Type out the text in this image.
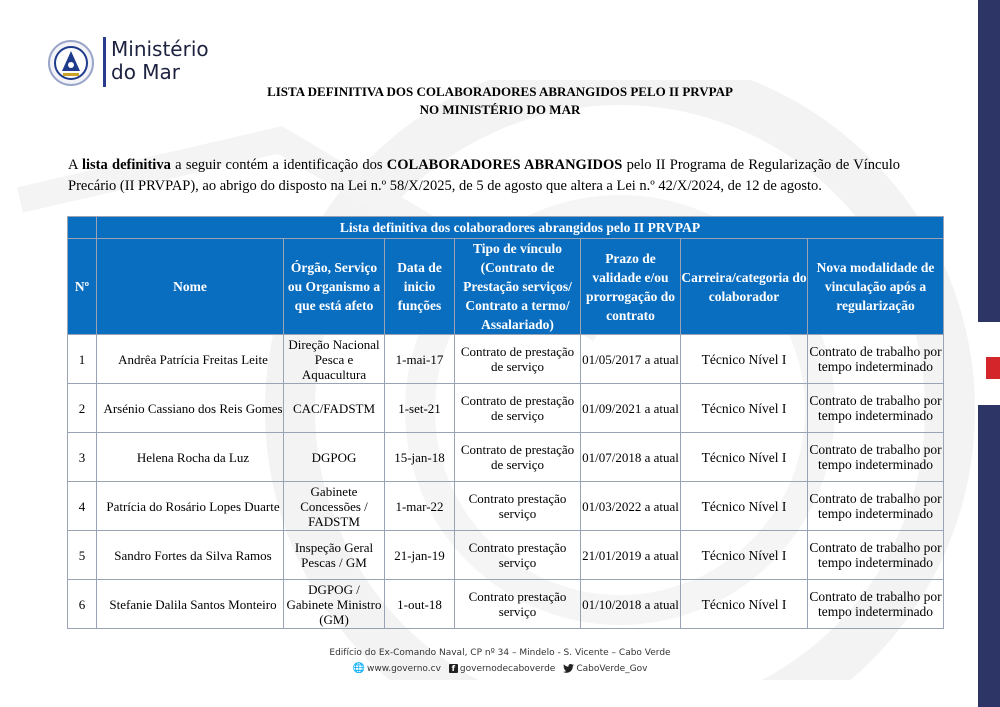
Ministério
do Mar
LISTA DEFINITIVA DOS COLABORADORES ABRANGIDOS PELO II PRVPAP
NO MINISTÉRIO DO MAR

A lista definitiva a seguir contém a identificação dos COLABORADORES ABRANGIDOS pelo II Programa de Regularização de Vínculo Precário (II PRVPAP), ao abrigo do disposto na Lei n.º 58/X/2025, de 5 de agosto que altera a Lei n.º 42/X/2024, de 12 de agosto.

	Lista definitiva dos colaboradores abrangidos pelo II PRVPAP						
Nº	Nome	Órgão, Serviço ou Organismo a que está afeto	Data de inicio funções	Tipo de vínculo (Contrato de Prestação serviços/ Contrato a termo/ Assalariado)	Prazo de validade e/ou prorrogação do contrato	Carreira/categoria do colaborador	Nova modalidade de vinculação após a regularização
1	Andrêa Patrícia Freitas Leite	Direção Nacional Pesca e Aquacultura	1-mai-17	Contrato de prestação de serviço	01/05/2017 a atual	Técnico Nível I	Contrato de trabalho por tempo indeterminado
2	Arsénio Cassiano dos Reis Gomes	CAC/FADSTM	1-set-21	Contrato de prestação de serviço	01/09/2021 a atual	Técnico Nível I	Contrato de trabalho por tempo indeterminado
3	Helena Rocha da Luz	DGPOG	15-jan-18	Contrato de prestação de serviço	01/07/2018 a atual	Técnico Nível I	Contrato de trabalho por tempo indeterminado
4	Patrícia do Rosário Lopes Duarte	Gabinete Concessões / FADSTM	1-mar-22	Contrato prestação serviço	01/03/2022 a atual	Técnico Nível I	Contrato de trabalho por tempo indeterminado
5	Sandro Fortes da Silva Ramos	Inspeção Geral Pescas / GM	21-jan-19	Contrato prestação serviço	21/01/2019 a atual	Técnico Nível I	Contrato de trabalho por tempo indeterminado
6	Stefanie Dalila Santos Monteiro	DGPOG / Gabinete Ministro (GM)	1-out-18	Contrato prestação serviço	01/10/2018 a atual	Técnico Nível I	Contrato de trabalho por tempo indeterminado
Edifício do Ex-Comando Naval, CP nº 34 – Mindelo - S. Vicente – Cabo Verde
🌐 www.governo.cv	f governodecaboverde CaboVerde_Gov
